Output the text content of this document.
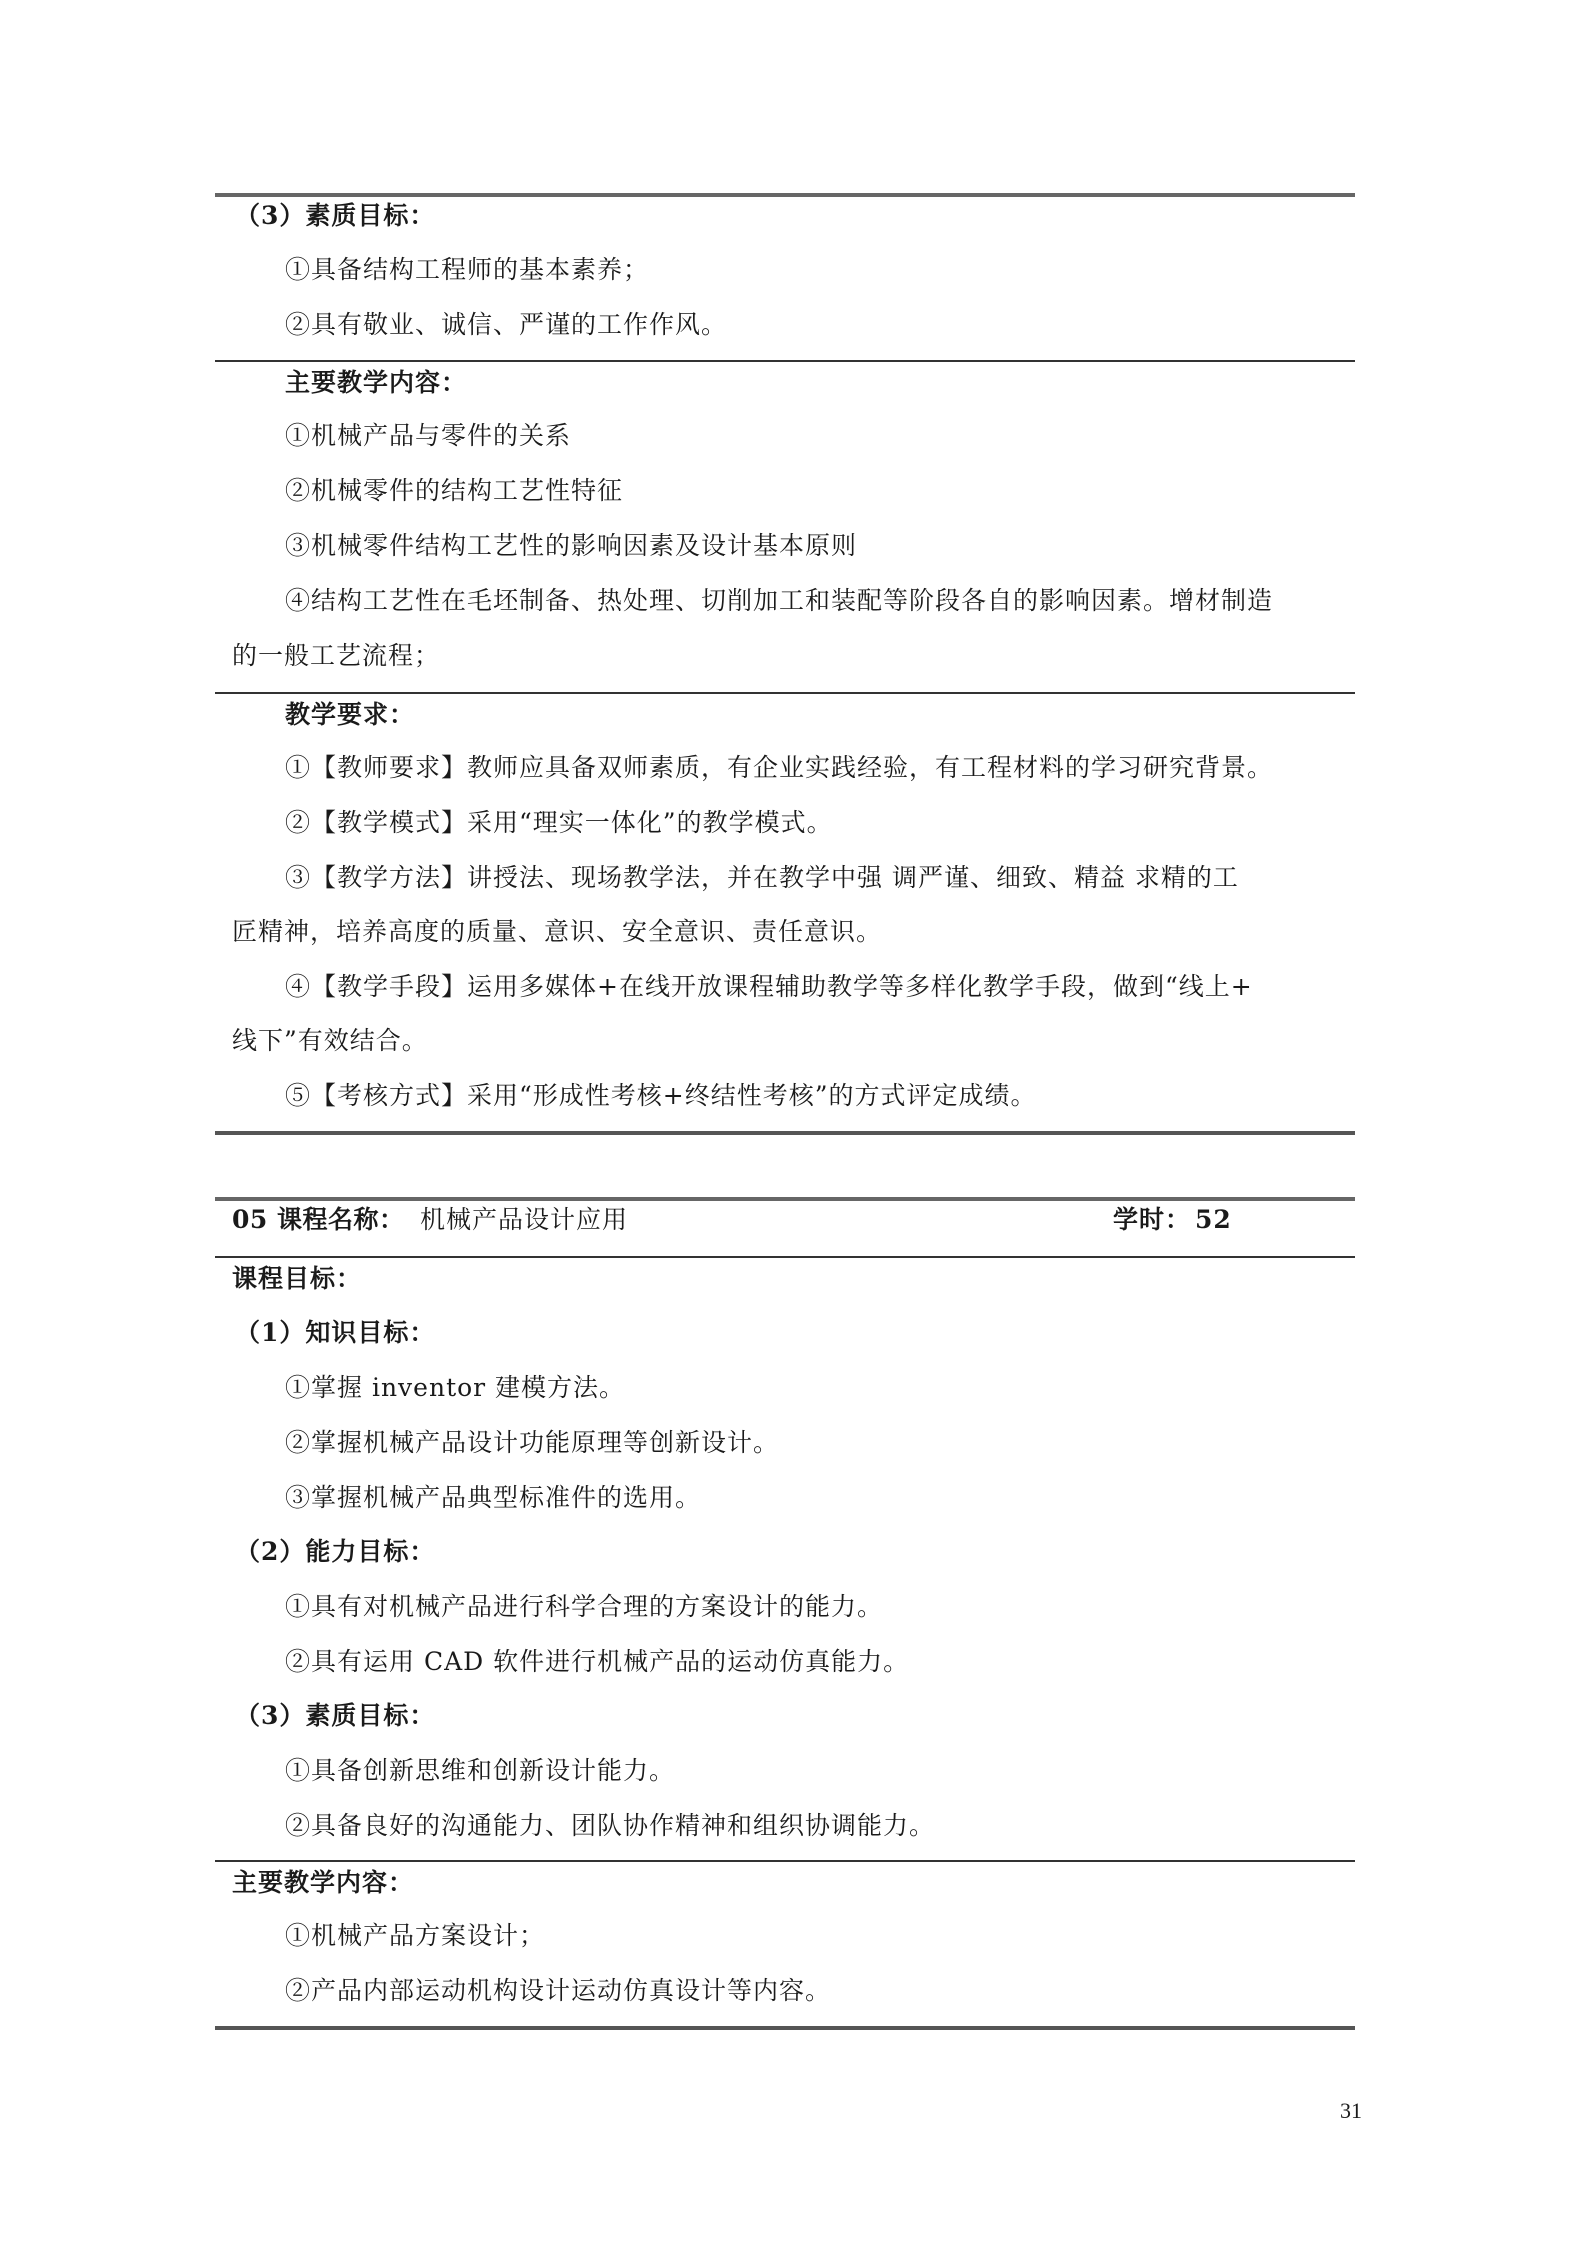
（3）素质目标：
①具备结构工程师的基本素养；
②具有敬业、诚信、严谨的工作作风。
主要教学内容：
①机械产品与零件的关系
②机械零件的结构工艺性特征
③机械零件结构工艺性的影响因素及设计基本原则
④结构工艺性在毛坯制备、热处理、切削加工和装配等阶段各自的影响因素。增材制造
的一般工艺流程；
教学要求：
①【教师要求】教师应具备双师素质，有企业实践经验，有工程材料的学习研究背景。
②【教学模式】采用“理实一体化”的教学模式。
③【教学方法】讲授法、现场教学法，并在教学中强 调严谨、细致、精益 求精的工
匠精神，培养高度的质量、意识、安全意识、责任意识。
④【教学手段】运用多媒体+在线开放课程辅助教学等多样化教学手段，做到“线上+
线下”有效结合。
⑤【考核方式】采用“形成性考核+终结性考核”的方式评定成绩。
05 课程名称： 机械产品设计应用	学时： 52
课程目标：
（1）知识目标：
①掌握 inventor 建模方法。
②掌握机械产品设计功能原理等创新设计。
③掌握机械产品典型标准件的选用。
（2）能力目标：
①具有对机械产品进行科学合理的方案设计的能力。
②具有运用 CAD 软件进行机械产品的运动仿真能力。
（3）素质目标：
①具备创新思维和创新设计能力。
②具备良好的沟通能力、团队协作精神和组织协调能力。
主要教学内容：
①机械产品方案设计；
②产品内部运动机构设计运动仿真设计等内容。
31
